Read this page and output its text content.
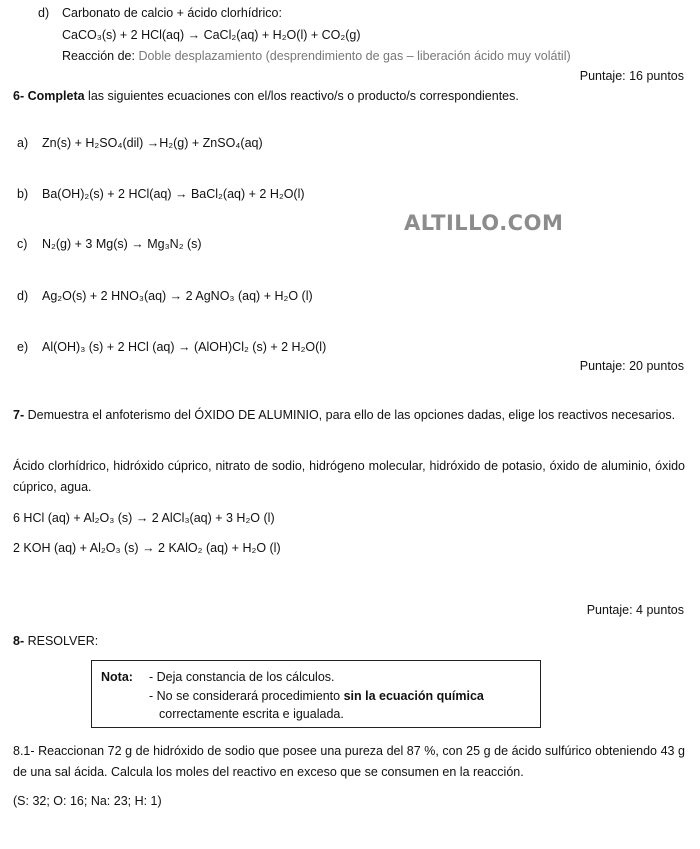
d) Carbonato de calcio + ácido clorhídrico:
CaCO₃(s) + 2 HCl(aq) → CaCl₂(aq) + H₂O(l) + CO₂(g)
Reacción de: Doble desplazamiento (desprendimiento de gas – liberación ácido muy volátil)
Puntaje: 16 puntos
6- Completa las siguientes ecuaciones con el/los reactivo/s o producto/s correspondientes.
a) Zn(s) + H₂SO₄(dil) →H₂(g) + ZnSO₄(aq)
b) Ba(OH)₂(s) + 2 HCl(aq) → BaCl₂(aq) + 2 H₂O(l)
ALTILLO.COM
c) N₂(g) + 3 Mg(s) → Mg₃N₂ (s)
d) Ag₂O(s) + 2 HNO₃(aq) → 2 AgNO₃ (aq) + H₂O (l)
e) Al(OH)₃ (s) + 2 HCl (aq) → (AlOH)Cl₂ (s) + 2 H₂O(l)
Puntaje: 20 puntos
7- Demuestra el anfoterismo del ÓXIDO DE ALUMINIO, para ello de las opciones dadas, elige los reactivos necesarios.
Ácido clorhídrico, hidróxido cúprico, nitrato de sodio, hidrógeno molecular, hidróxido de potasio, óxido de aluminio, óxido cúprico, agua.
6 HCl (aq) + Al₂O₃ (s) → 2 AlCl₃(aq) + 3 H₂O (l)
2 KOH (aq) + Al₂O₃ (s) → 2 KAlO₂ (aq) + H₂O (l)
Puntaje: 4 puntos
8- RESOLVER:
Nota: - Deja constancia de los cálculos.
- No se considerará procedimiento sin la ecuación química
correctamente escrita e igualada.
8.1- Reaccionan 72 g de hidróxido de sodio que posee una pureza del 87 %, con 25 g de ácido sulfúrico obteniendo 43 g de una sal ácida. Calcula los moles del reactivo en exceso que se consumen en la reacción.
(S: 32; O: 16; Na: 23; H: 1)
